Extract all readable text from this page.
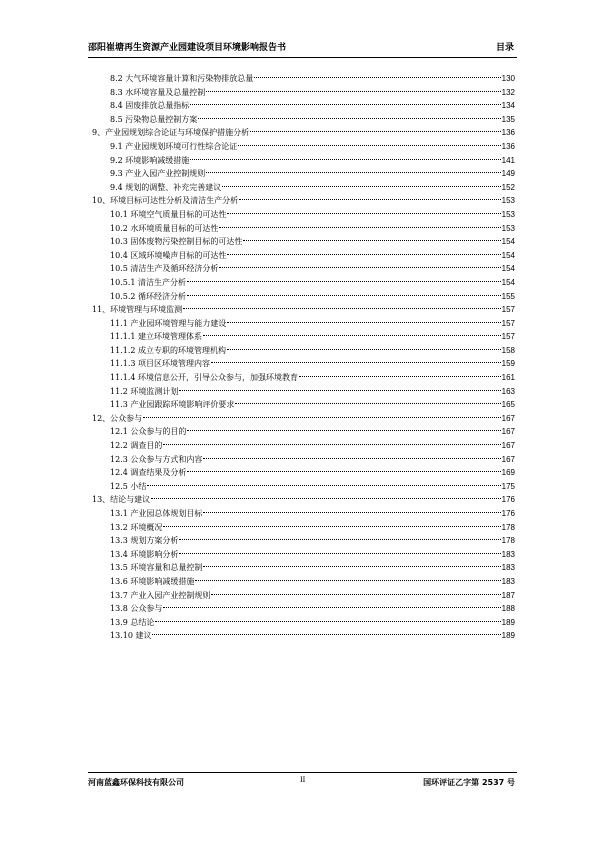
邵阳崔塘再生资源产业园建设项目环境影响报告书	目录
8.2 大气环境容量计算和污染物排放总量	130
8.3 水环境容量及总量控制	132
8.4 固废排放总量指标	134
8.5 污染物总量控制方案	135
9、产业园规划综合论证与环境保护措施分析	136
9.1 产业园规划环境可行性综合论证	136
9.2 环境影响减缓措施	141
9.3 产业入园产业控制规则	149
9.4 规划的调整、补充完善建议	152
10、环境目标可达性分析及清洁生产分析	153
10.1 环境空气质量目标的可达性	153
10.2 水环境质量目标的可达性	153
10.3 固体废物污染控制目标的可达性	154
10.4 区域环境噪声目标的可达性	154
10.5 清洁生产及循环经济分析	154
10.5.1 清洁生产分析	154
10.5.2 循环经济分析	155
11、环境管理与环境监测	157
11.1 产业园环境管理与能力建设	157
11.1.1 建立环境管理体系	157
11.1.2 成立专职的环境管理机构	158
11.1.3 项目区环境管理内容	159
11.1.4 环境信息公开，引导公众参与，加强环境教育	161
11.2 环境监测计划	163
11.3 产业园跟踪环境影响评价要求	165
12、公众参与	167
12.1 公众参与的目的	167
12.2 调查目的	167
12.3 公众参与方式和内容	167
12.4 调查结果及分析	169
12.5 小结	175
13、结论与建议	176
13.1 产业园总体规划目标	176
13.2 环境概况	178
13.3 规划方案分析	178
13.4 环境影响分析	183
13.5 环境容量和总量控制	183
13.6 环境影响减缓措施	183
13.7 产业入园产业控制规则	187
13.8 公众参与	188
13.9 总结论	189
13.10 建议	189
河南蓝鑫环保科技有限公司	II	国环评证乙字第 2537 号
